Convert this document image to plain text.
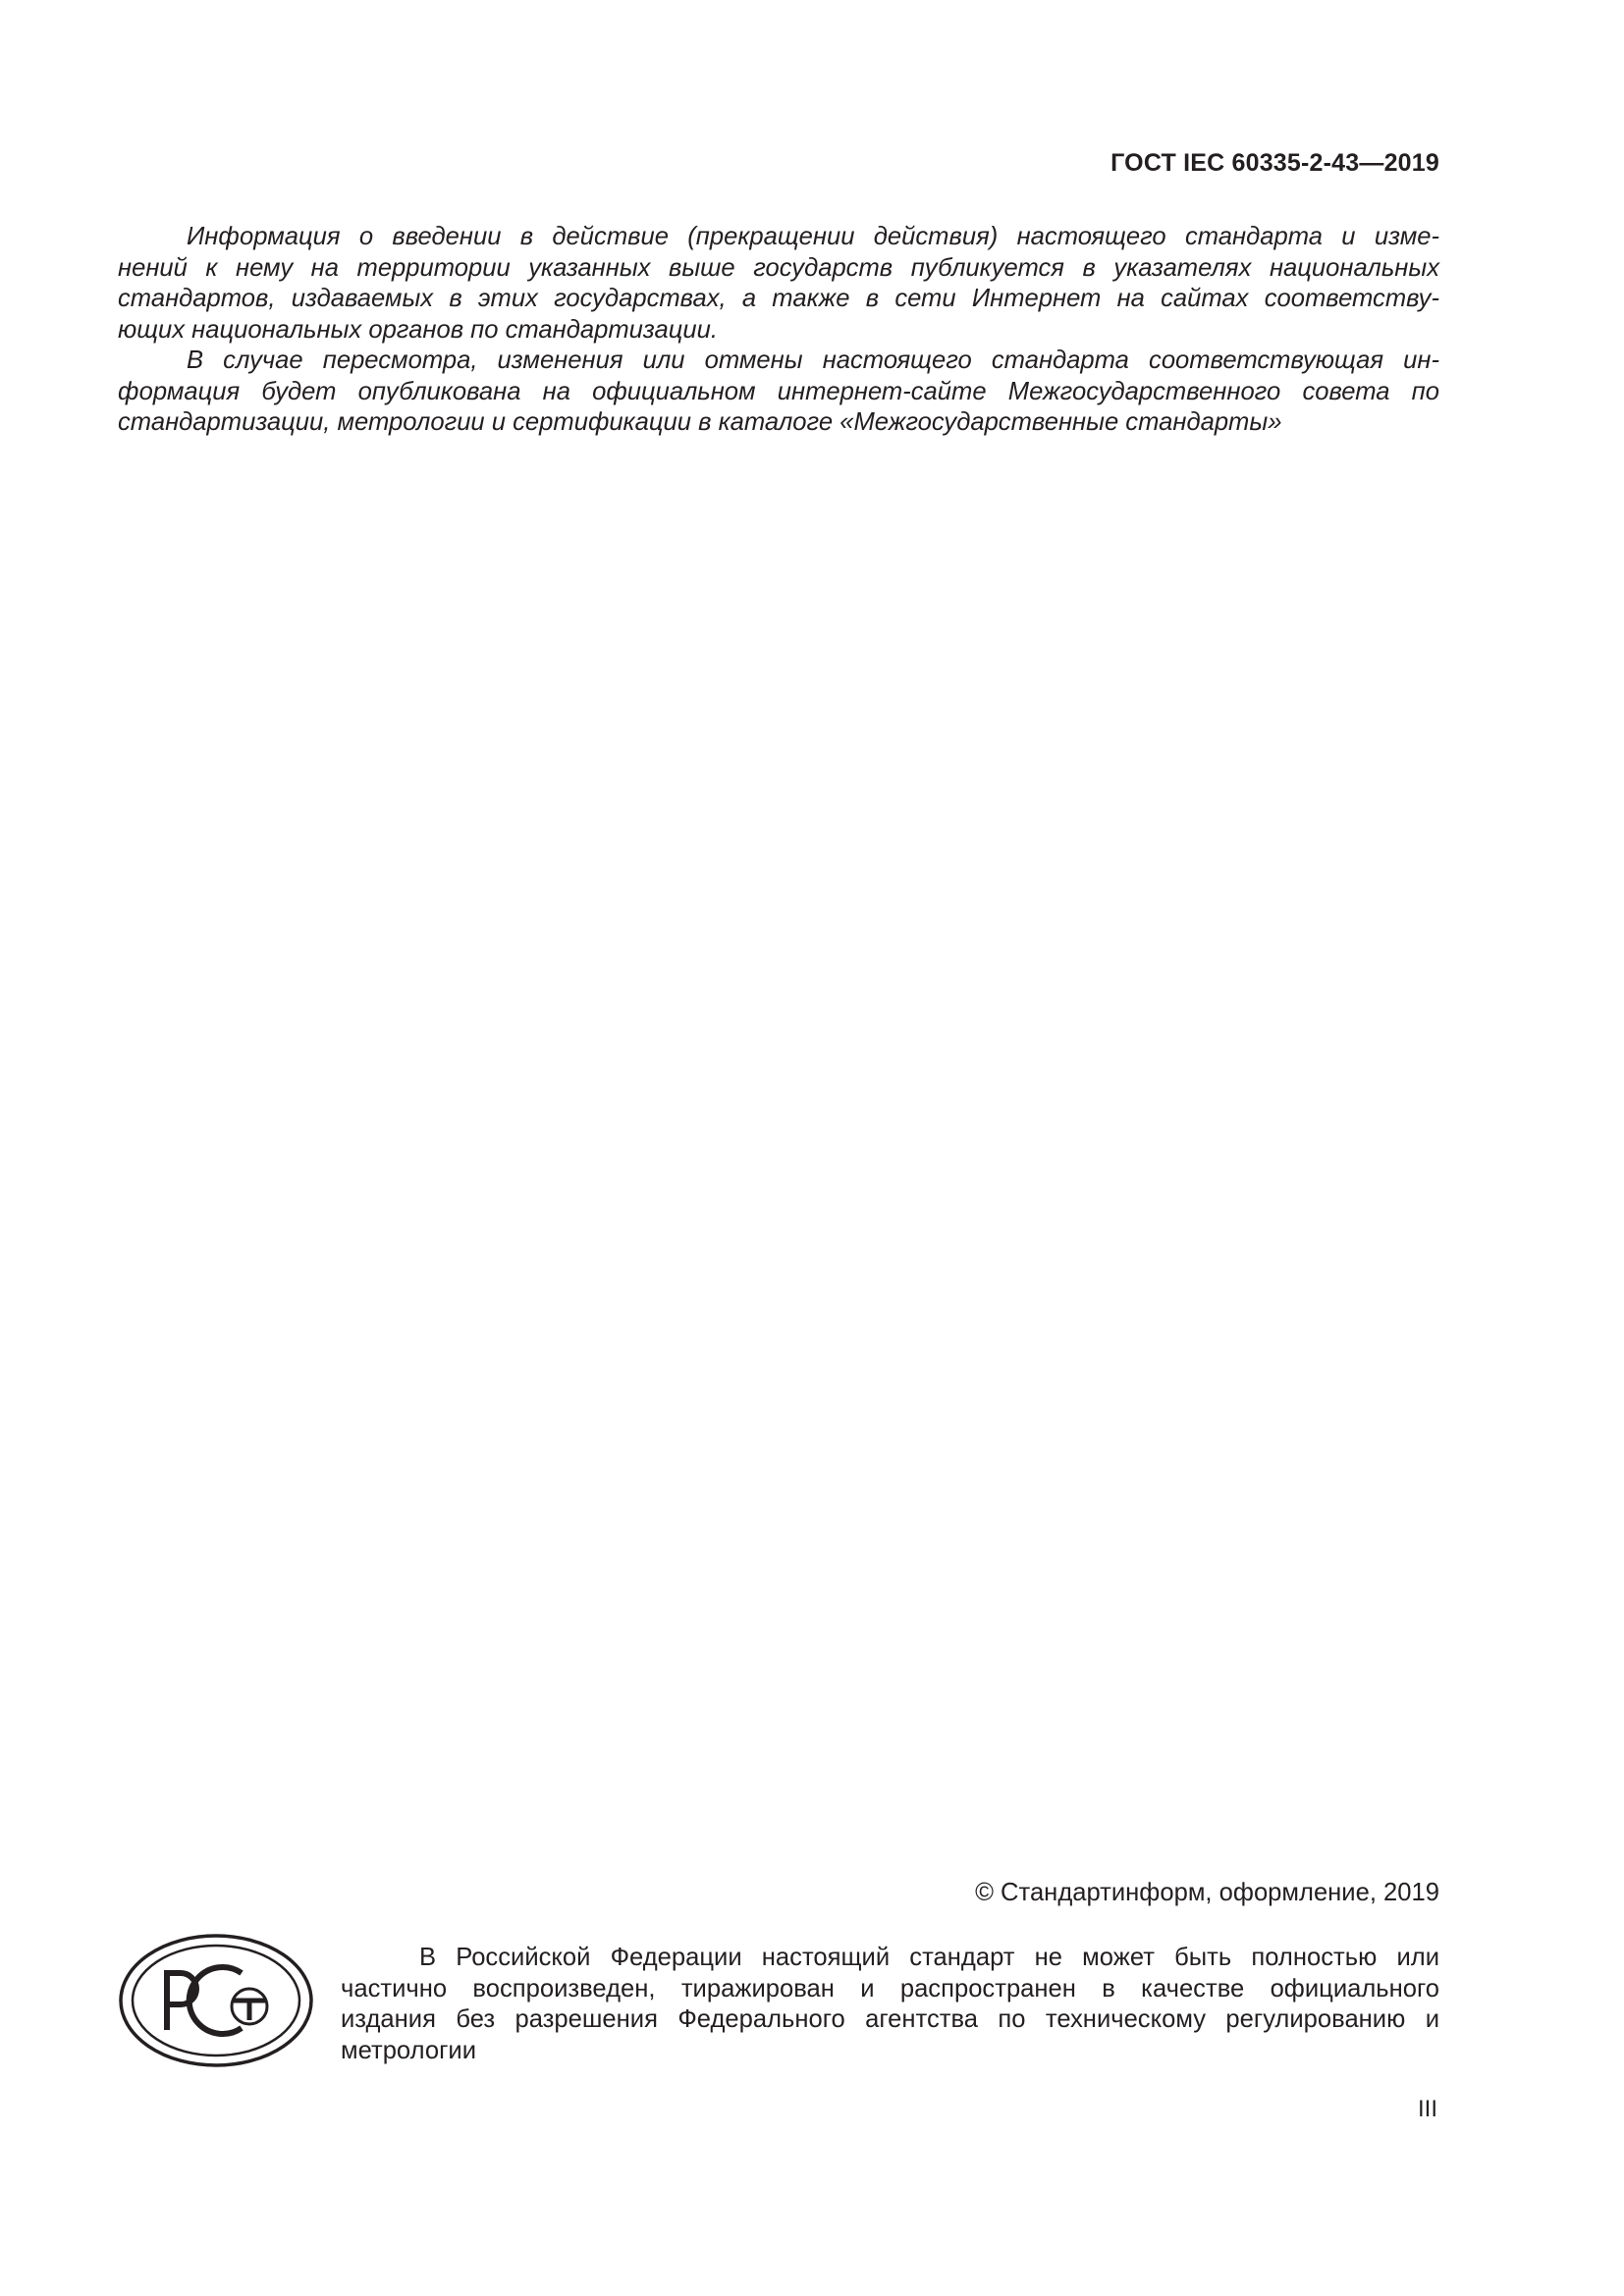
ГОСТ IEC 60335-2-43—2019
Информация о введении в действие (прекращении действия) настоящего стандарта и изме-
нений к нему на территории указанных выше государств публикуется в указателях национальных
стандартов, издаваемых в этих государствах, а также в сети Интернет на сайтах соответству-
ющих национальных органов по стандартизации.
В случае пересмотра, изменения или отмены настоящего стандарта соответствующая ин-
формация будет опубликована на официальном интернет-сайте Межгосударственного совета по
стандартизации, метрологии и сертификации в каталоге «Межгосударственные стандарты»
© Стандартинформ, оформление, 2019
В Российской Федерации настоящий стандарт не может быть полностью или
частично воспроизведен, тиражирован и распространен в качестве официального
издания без разрешения Федерального агентства по техническому регулированию и
метрологии
III
